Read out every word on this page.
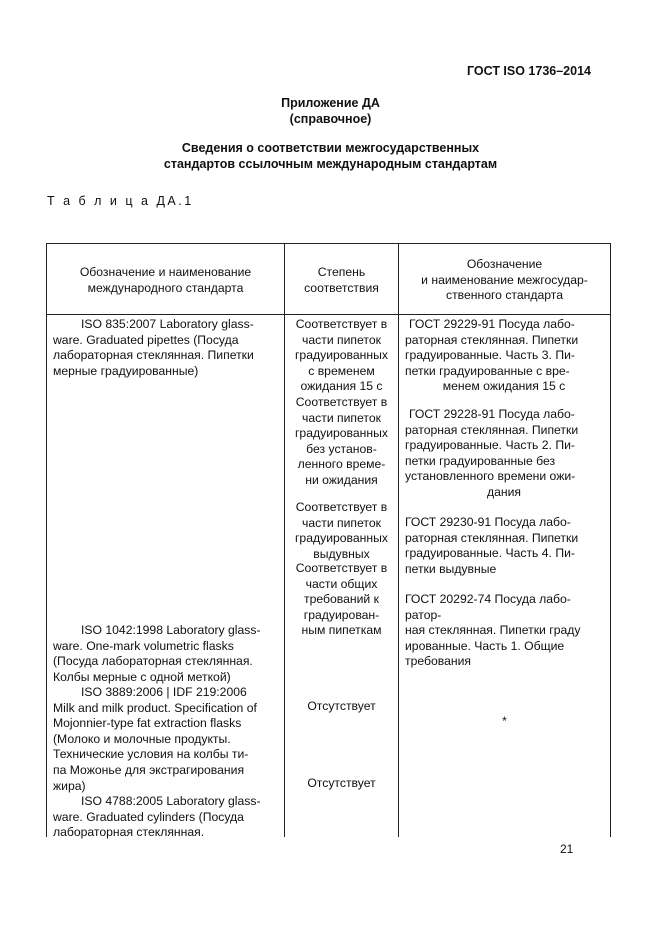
ГОСТ ISO 1736–2014
Приложение ДА
(справочное)
Сведения о соответствии межгосударственных
стандартов ссылочным международным стандартам
Т а б л и ц а ДА.1
Обозначение и наименование
международного стандарта
Степень
соответствия
Обозначение
и наименование межгосудар-
ственного стандарта
ISO 835:2007 Laboratory glass-
ware. Graduated pipettes (Посуда
лабораторная стеклянная. Пипетки
мерные градуированные)
ISO 1042:1998 Laboratory glass-
ware. One-mark volumetric flasks
(Посуда лабораторная стеклянная.
Колбы мерные с одной меткой)
ISO 3889:2006 | IDF 219:2006
Milk and milk product. Specification of
Mojonnier-type fat extraction flasks
(Молоко и молочные продукты.
Технические условия на колбы ти-
па Можонье для экстрагирования
жира)
ISO 4788:2005 Laboratory glass-
ware. Graduated cylinders (Посуда
лабораторная стеклянная.
Соответствует в
части пипеток
градуированных
с временем
ожидания 15 с
Соответствует в
части пипеток
градуированных
без установ-
ленного време-
ни ожидания
Соответствует в
части пипеток
градуированных
выдувных
Соответствует в
части общих
требований к
градуирован-
ным пипеткам
Отсутствует
Отсутствует
ГОСТ 29229-91 Посуда лабо-
раторная стеклянная. Пипетки
градуированные. Часть 3. Пи-
петки градуированные с вре-
менем ожидания 15 с
ГОСТ 29228-91 Посуда лабо-
раторная стеклянная. Пипетки
градуированные. Часть 2. Пи-
петки градуированные без
установленного времени ожи-
дания
ГОСТ 29230-91 Посуда лабо-
раторная стеклянная. Пипетки
градуированные. Часть 4. Пи-
петки выдувные
ГОСТ 20292-74 Посуда лабо-
ратор-
ная стеклянная. Пипетки граду
ированные. Часть 1. Общие
требования
*
21
